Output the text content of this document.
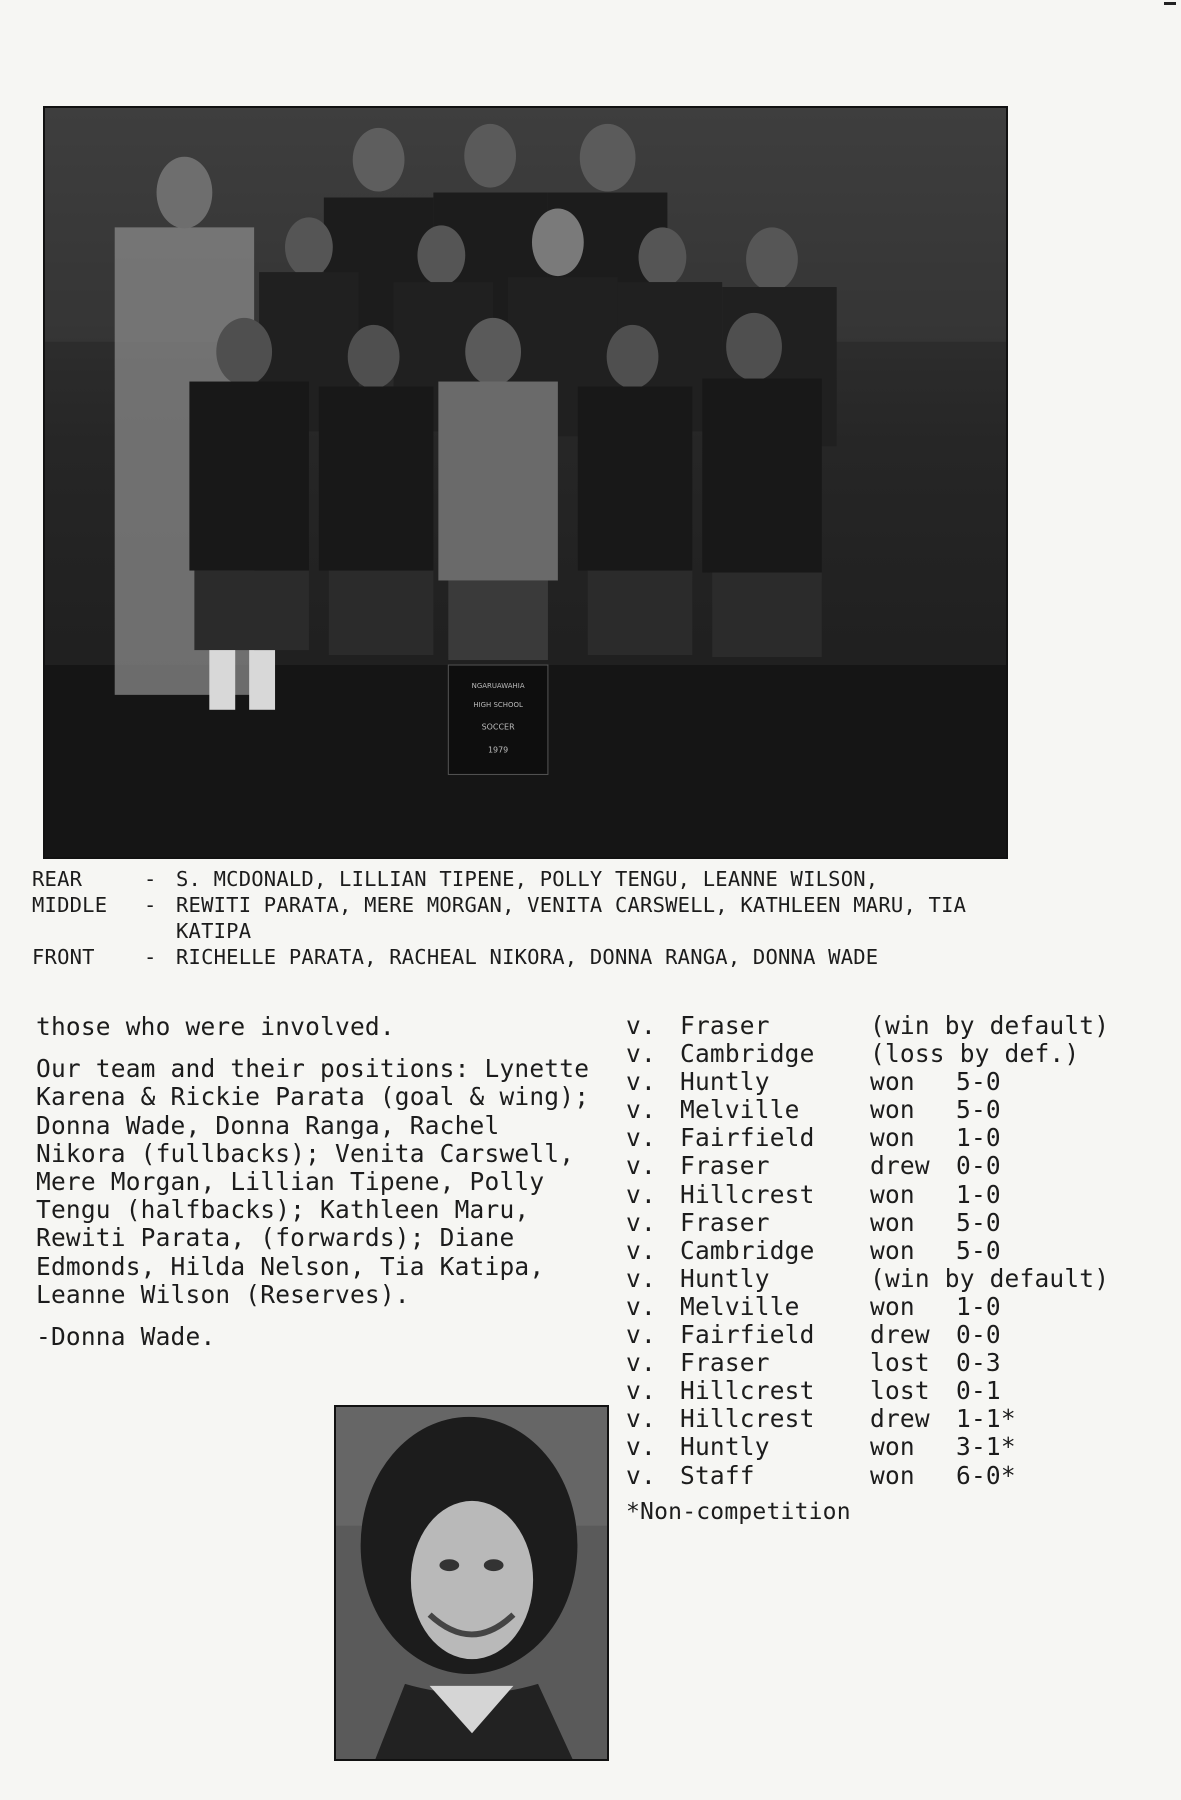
NGARUAWAHIA
HIGH SCHOOL
SOCCER
1979
REAR	- S. MCDONALD, LILLIAN TIPENE, POLLY TENGU, LEANNE WILSON,
MIDDLE	- REWITI PARATA, MERE MORGAN, VENITA CARSWELL, KATHLEEN MARU, TIA KATIPA
FRONT	- RICHELLE PARATA, RACHEAL NIKORA, DONNA RANGA, DONNA WADE

those who were involved.

Our team and their positions: Lynette Karena & Rickie Parata (goal & wing); Donna Wade, Donna Ranga, Rachel Nikora (fullbacks); Venita Carswell, Mere Morgan, Lillian Tipene, Polly Tengu (halfbacks); Kathleen Maru, Rewiti Parata, (forwards); Diane Edmonds, Hilda Nelson, Tia Katipa, Leanne Wilson (Reserves).

-Donna Wade.

v. Fraser	(win by default)
v. Cambridge	(loss by def.)
v. Huntly	won	5-0
v. Melville	won	5-0
v. Fairfield	won	1-0
v. Fraser	drew	0-0
v. Hillcrest	won	1-0
v. Fraser	won	5-0
v. Cambridge	won	5-0
v. Huntly	(win by default)
v. Melville	won	1-0
v. Fairfield	drew	0-0
v. Fraser	lost	0-3
v. Hillcrest	lost	0-1
v. Hillcrest	drew	1-1*
v. Huntly	won	3-1*
v. Staff	won	6-0*
*Non-competition
